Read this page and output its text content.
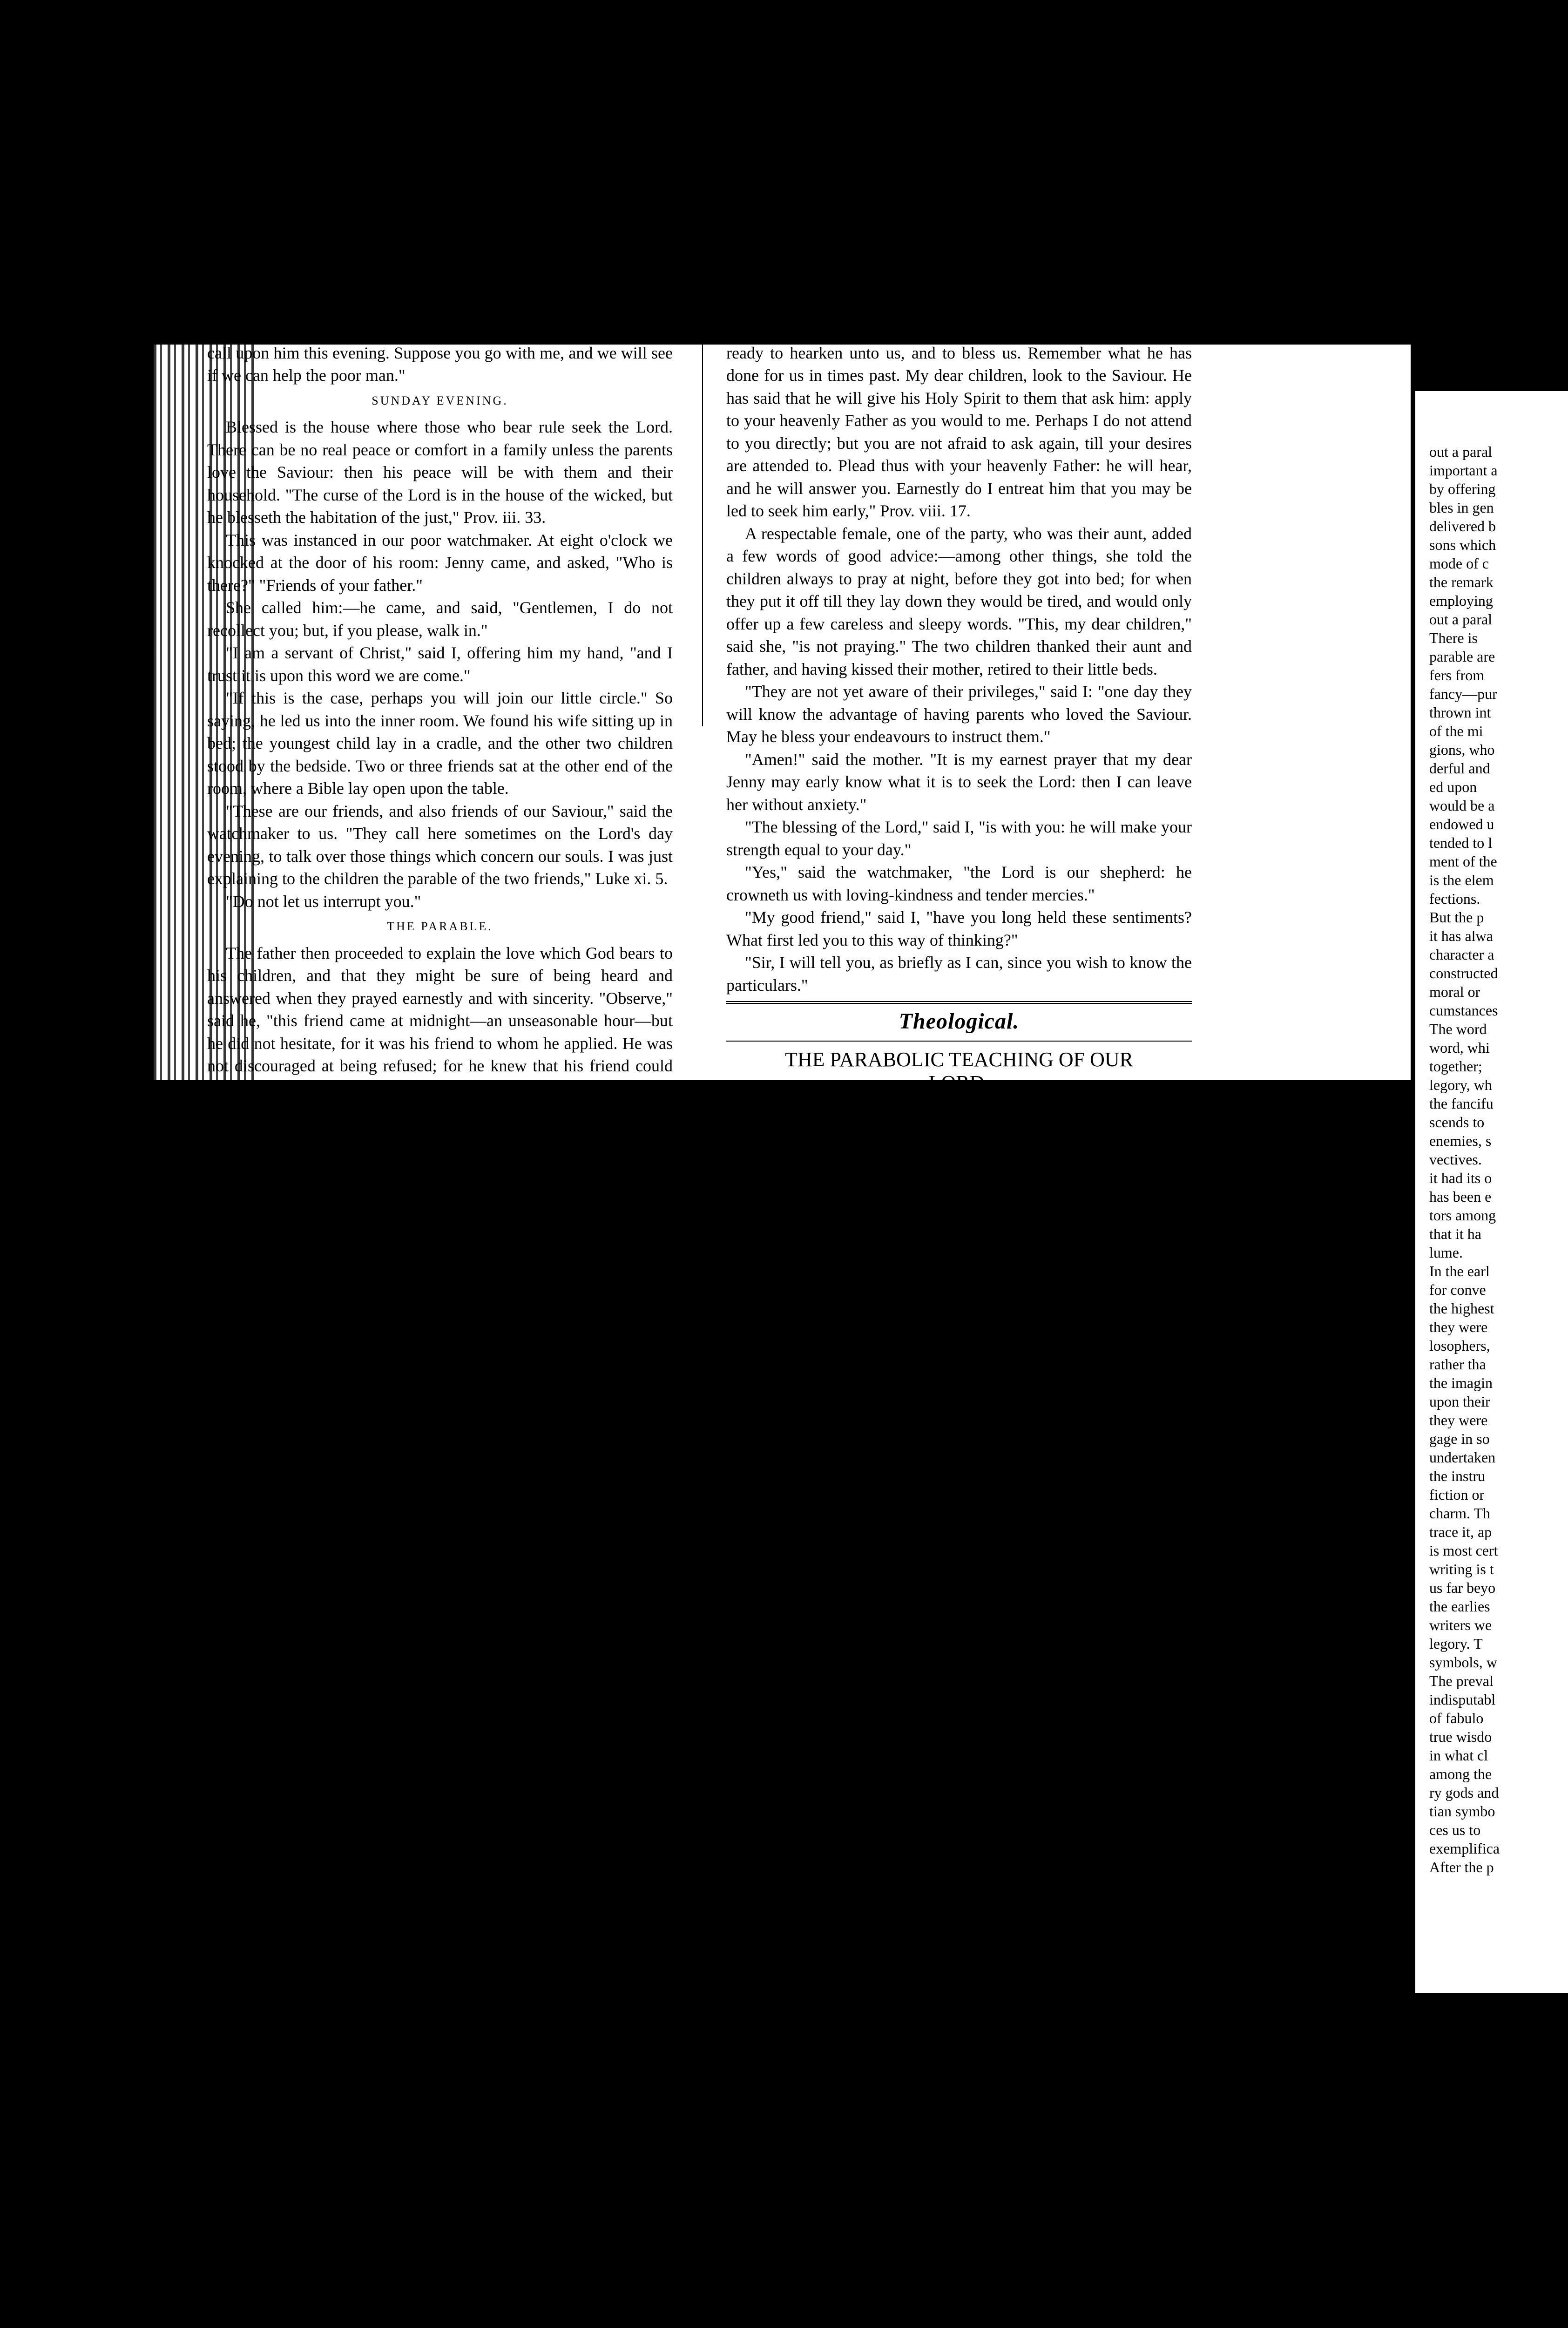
228	THE WESLEYAN.

people are freed from the slavish observance of the Sabbath according to the rites of the Jews in times of old; but still it is his day;—it is the Lord's day, set apart peculiarly for opportunities of worshipping him, and attending to the concerns of our souls;—so that those who needlessly employ it otherwise themselves, or cause others to do so, assuredly break this holy command, and act contrary to his will. And let it ever be remembered that Sabbath-breaking almost invariably stands the first in the dark catalogue of those crimes which lead men to punishment. This should particularly be inculcated in the minds of children. As for this poor watchmaker, your account makes me anxious to know more about him. I intend to call upon him this evening. Suppose you go with me, and we will see if we can help the poor man."

SUNDAY EVENING.

Blessed is the house where those who bear rule seek the Lord. There can be no real peace or comfort in a family unless the parents love the Saviour: then his peace will be with them and their household. "The curse of the Lord is in the house of the wicked, but he blesseth the habitation of the just," Prov. iii. 33.

This was instanced in our poor watchmaker. At eight o'clock we knocked at the door of his room: Jenny came, and asked, "Who is there?" "Friends of your father."

She called him:—he came, and said, "Gentlemen, I do not recollect you; but, if you please, walk in."

"I am a servant of Christ," said I, offering him my hand, "and I trust it is upon this word we are come."

"If this is the case, perhaps you will join our little circle." So saying, he led us into the inner room. We found his wife sitting up in bed; the youngest child lay in a cradle, and the other two children stood by the bedside. Two or three friends sat at the other end of the room, where a Bible lay open upon the table.

"These are our friends, and also friends of our Saviour," said the watchmaker to us. "They call here sometimes on the Lord's day evening, to talk over those things which concern our souls. I was just explaining to the children the parable of the two friends," Luke xi. 5.

"Do not let us interrupt you."

THE PARABLE.

The father then proceeded to explain the love which God bears to his children, and that they might be sure of being heard and answered when they prayed earnestly and with sincerity. "Observe," said he, "this friend came at midnight—an unseasonable hour—but he did not hesitate, for it was his friend to whom he applied. He was not discouraged at being refused; for he knew that his friend could give him what he desired; he knew his kind disposition, his readiness to oblige; and he trusted in his friend's affection for him. He was not mistaken; he obtained all that he asked for. Now, my dear children, is not our God a better friend than any we can have in this world? Would any one of our friends, even the best

we have, lay down his life for us? Would any one offer to bear the punishment of our sins? Yet our Saviour bore this when he was nailed to the cross. Again: Can there be a friend richer or more powerful than he is? Think, for a moment, what are the riches of this world when compared with the treasures of his love. And do not let us forget that our friend is not only thus able to give exceeding abundantly above all we can ask or think, but he is also ready and willing so to do. He will withhold nothing that is for their good from those who really seek him. He is always ready to hear: times and seasons are alike to him. I say this, my children, knowing that what I say is true. His ears are always open to our prayers; he is always ready to hearken unto us, and to bless us. Remember what he has done for us in times past. My dear children, look to the Saviour. He has said that he will give his Holy Spirit to them that ask him: apply to your heavenly Father as you would to me. Perhaps I do not attend to you directly; but you are not afraid to ask again, till your desires are attended to. Plead thus with your heavenly Father: he will hear, and he will answer you. Earnestly do I entreat him that you may be led to seek him early," Prov. viii. 17.

A respectable female, one of the party, who was their aunt, added a few words of good advice:—among other things, she told the children always to pray at night, before they got into bed; for when they put it off till they lay down they would be tired, and would only offer up a few careless and sleepy words. "This, my dear children," said she, "is not praying." The two children thanked their aunt and father, and having kissed their mother, retired to their little beds.

"They are not yet aware of their privileges," said I: "one day they will know the advantage of having parents who loved the Saviour. May he bless your endeavours to instruct them."

"Amen!" said the mother. "It is my earnest prayer that my dear Jenny may early know what it is to seek the Lord: then I can leave her without anxiety."

"The blessing of the Lord," said I, "is with you: he will make your strength equal to your day."

"Yes," said the watchmaker, "the Lord is our shepherd: he crowneth us with loving-kindness and tender mercies."

"My good friend," said I, "have you long held these sentiments? What first led you to this way of thinking?"

"Sir, I will tell you, as briefly as I can, since you wish to know the particulars."

Theological.
THE PARABOLIC TEACHING OF OUR LORD.
CHAPTER I.

The Evangelist Mark informs us, that when our Lord taught in the presence of his enemies, or those who were prejudiced against his mission and his doctrine, he addressed them in parables, and that "with-

out a paral
important a
by offering
bles in gen
delivered b
sons which
mode of c
the remark
employing
out a paral
There is
parable are
fers from
fancy—pur
thrown int
of the mi
gions, who
derful and
ed upon
would be a
endowed u
tended to l
ment of the
is the elem
fections.
But the p
it has alwa
character a
constructed
moral or
cumstances
The word
word, whi
together;
legory, wh
the fancifu
scends to
enemies, s
vectives.
it had its o
has been e
tors among
that it ha
lume.
In the earl
for conve
the highest
they were
losophers,
rather tha
the imagin
upon their
they were
gage in so
undertaken
the instru
fiction or
charm. Th
trace it, ap
is most cert
writing is t
us far beyo
the earlies
writers we
legory. T
symbols, w
The preval
indisputabl
of fabulo
true wisdo
in what cl
among the
ry gods and
tian symbo
ces us to
exemplifica
After the p
